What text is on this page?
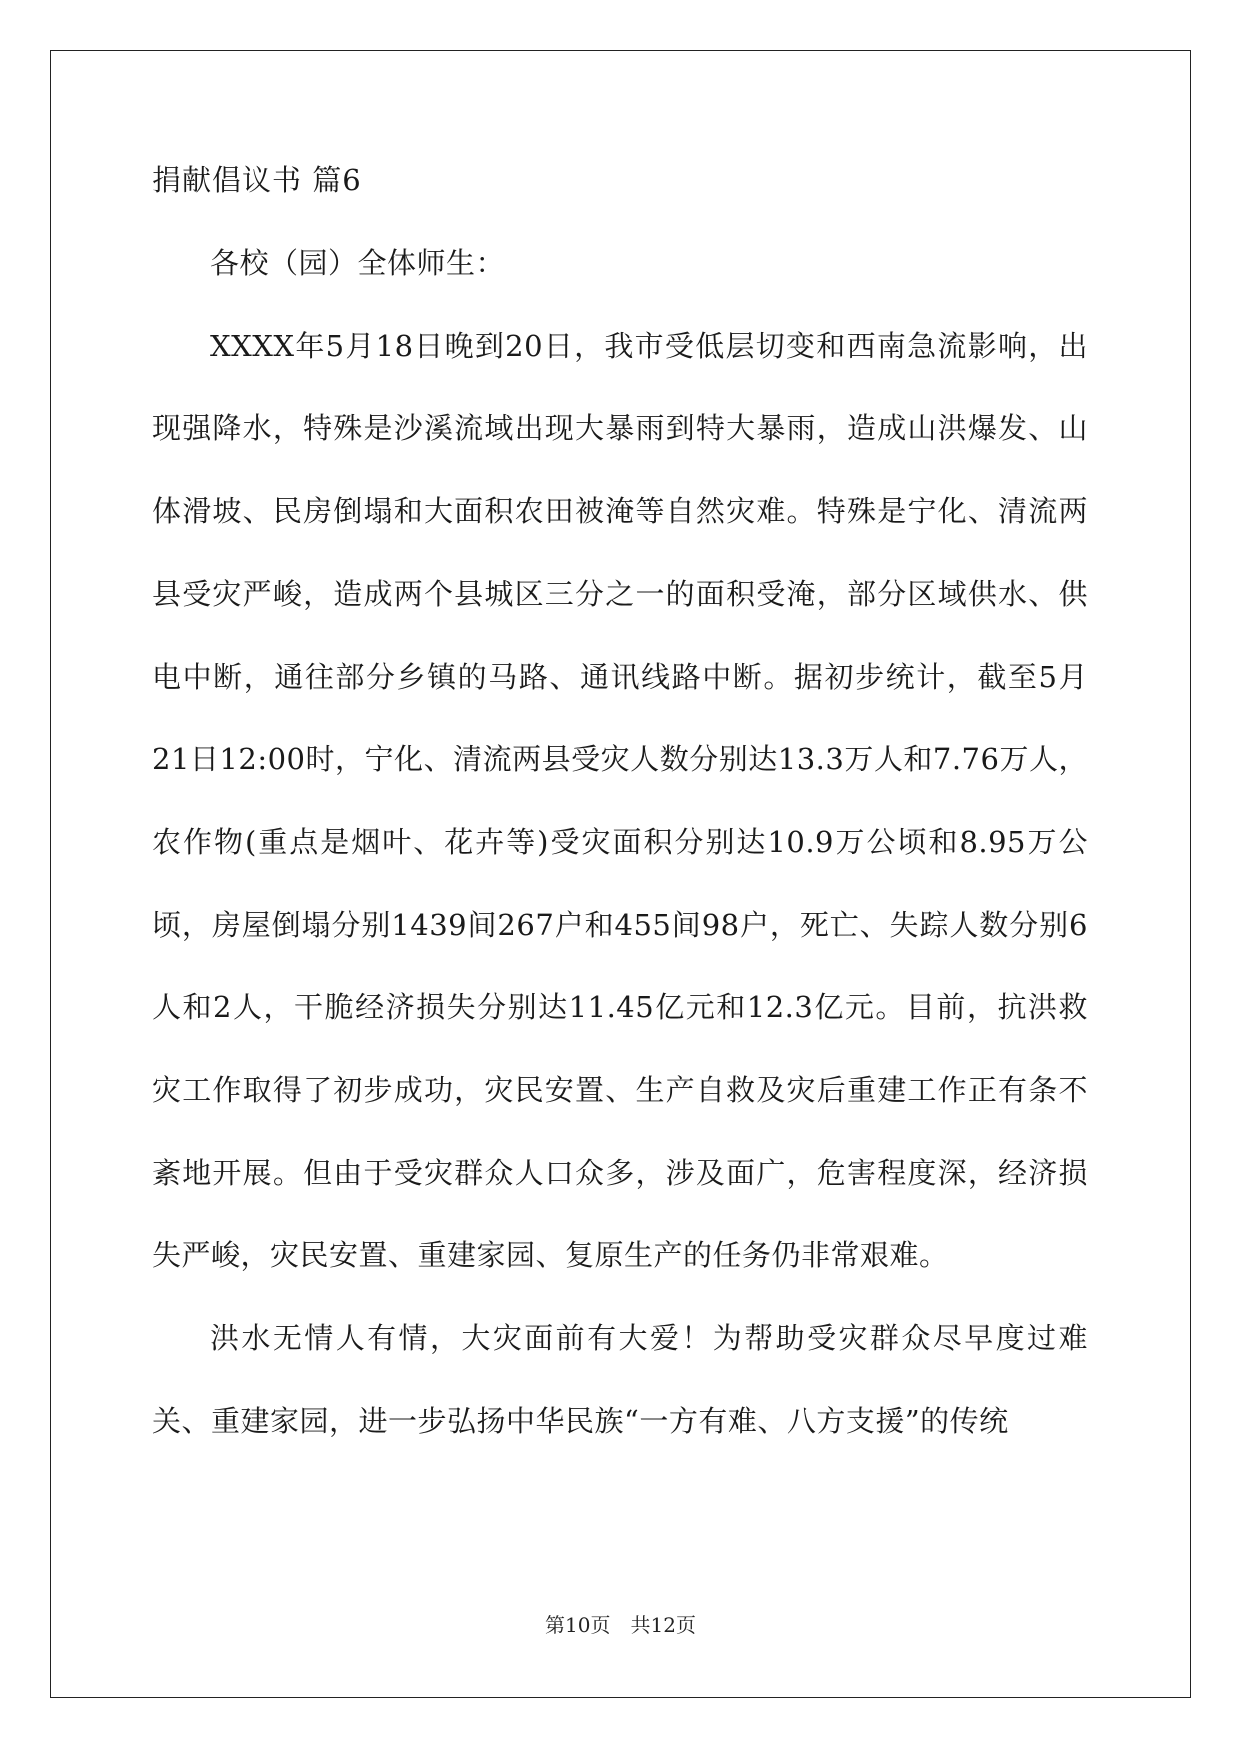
捐献倡议书 篇6

各校（园）全体师生：

XXXX年5月18日晚到20日，我市受低层切变和西南急流影响，出现强降水，特殊是沙溪流域出现大暴雨到特大暴雨，造成山洪爆发、山体滑坡、民房倒塌和大面积农田被淹等自然灾难。特殊是宁化、清流两县受灾严峻，造成两个县城区三分之一的面积受淹，部分区域供水、供电中断，通往部分乡镇的马路、通讯线路中断。据初步统计，截至5月21日12:00时，宁化、清流两县受灾人数分别达13.3万人和7.76万人，农作物(重点是烟叶、花卉等)受灾面积分别达10.9万公顷和8.95万公顷，房屋倒塌分别1439间267户和455间98户，死亡、失踪人数分别6人和2人，干脆经济损失分别达11.45亿元和12.3亿元。目前，抗洪救灾工作取得了初步成功，灾民安置、生产自救及灾后重建工作正有条不紊地开展。但由于受灾群众人口众多，涉及面广，危害程度深，经济损失严峻，灾民安置、重建家园、复原生产的任务仍非常艰难。

洪水无情人有情，大灾面前有大爱！为帮助受灾群众尽早度过难关、重建家园，进一步弘扬中华民族“一方有难、八方支援”的传统

第10页　共12页
